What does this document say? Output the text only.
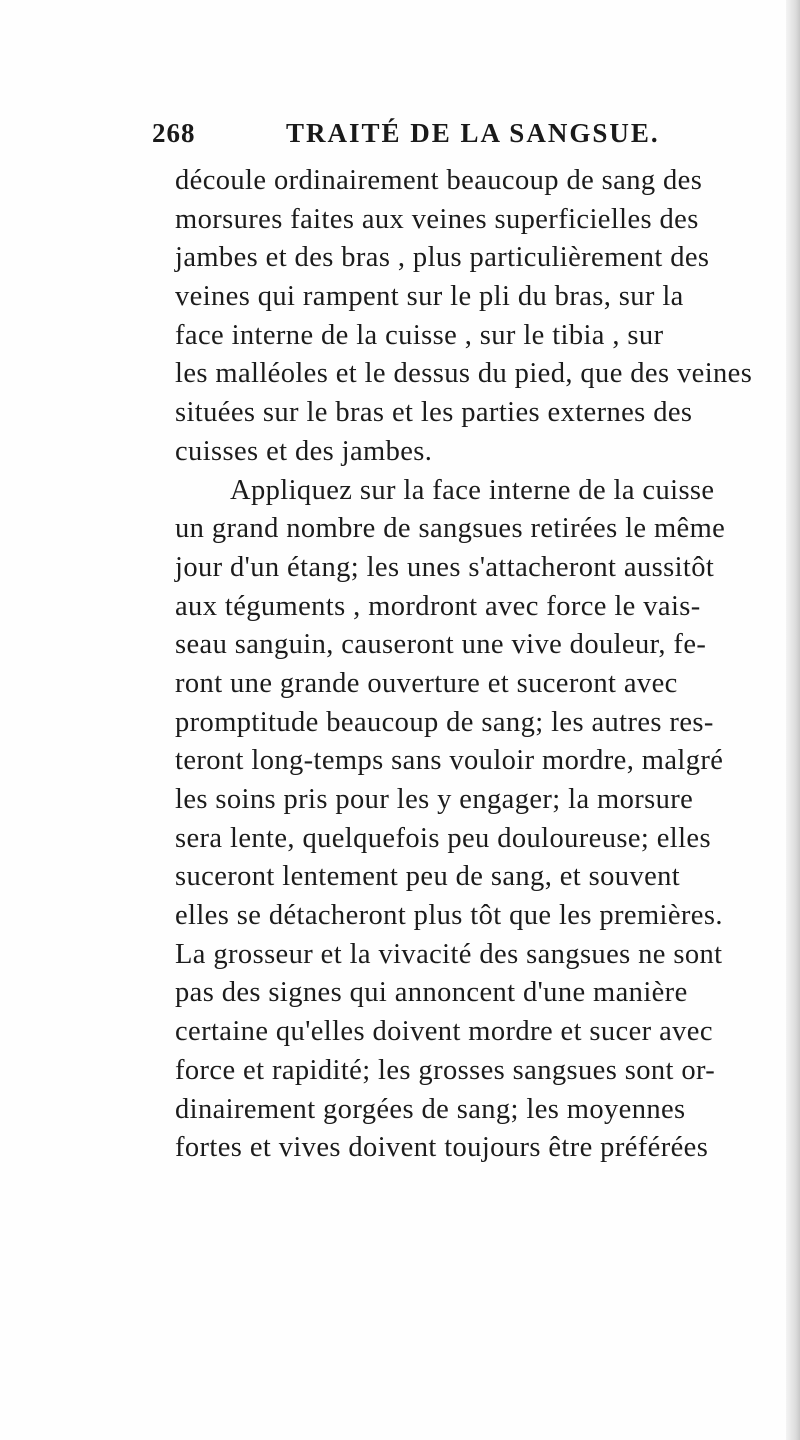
268	TRAITÉ DE LA SANGSUE.
découle ordinairement beaucoup de sang des
morsures faites aux veines superficielles des
jambes et des bras , plus particulièrement des
veines qui rampent sur le pli du bras, sur la
face interne de la cuisse , sur le tibia , sur
les malléoles et le dessus du pied, que des veines
situées sur le bras et les parties externes des
cuisses et des jambes.
Appliquez sur la face interne de la cuisse
un grand nombre de sangsues retirées le même
jour d'un étang; les unes s'attacheront aussitôt
aux téguments , mordront avec force le vais-
seau sanguin, causeront une vive douleur, fe-
ront une grande ouverture et suceront avec
promptitude beaucoup de sang; les autres res-
teront long-temps sans vouloir mordre, malgré
les soins pris pour les y engager; la morsure
sera lente, quelquefois peu douloureuse; elles
suceront lentement peu de sang, et souvent
elles se détacheront plus tôt que les premières.
La grosseur et la vivacité des sangsues ne sont
pas des signes qui annoncent d'une manière
certaine qu'elles doivent mordre et sucer avec
force et rapidité; les grosses sangsues sont or-
dinairement gorgées de sang; les moyennes
fortes et vives doivent toujours être préférées
